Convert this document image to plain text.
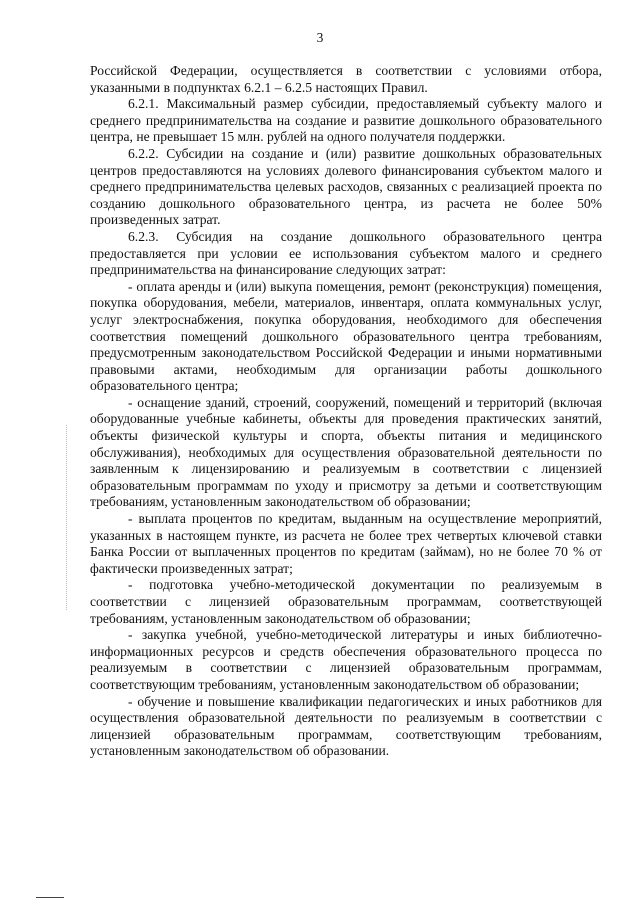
3

Российской Федерации, осуществляется в соответствии с условиями отбора, указанными в подпунктах 6.2.1 – 6.2.5 настоящих Правил.

6.2.1. Максимальный размер субсидии, предоставляемый субъекту малого и среднего предпринимательства на создание и развитие дошкольного образовательного центра, не превышает 15 млн. рублей на одного получателя поддержки.

6.2.2. Субсидии на создание и (или) развитие дошкольных образовательных центров предоставляются на условиях долевого финансирования субъектом малого и среднего предпринимательства целевых расходов, связанных с реализацией проекта по созданию дошкольного образовательного центра, из расчета не более 50% произведенных затрат.

6.2.3. Субсидия на создание дошкольного образовательного центра предоставляется при условии ее использования субъектом малого и среднего предпринимательства на финансирование следующих затрат:

- оплата аренды и (или) выкупа помещения, ремонт (реконструкция) помещения, покупка оборудования, мебели, материалов, инвентаря, оплата коммунальных услуг, услуг электроснабжения, покупка оборудования, необходимого для обеспечения соответствия помещений дошкольного образовательного центра требованиям, предусмотренным законодательством Российской Федерации и иными нормативными правовыми актами, необходимым для организации работы дошкольного образовательного центра;

- оснащение зданий, строений, сооружений, помещений и территорий (включая оборудованные учебные кабинеты, объекты для проведения практических занятий, объекты физической культуры и спорта, объекты питания и медицинского обслуживания), необходимых для осуществления образовательной деятельности по заявленным к лицензированию и реализуемым в соответствии с лицензией образовательным программам по уходу и присмотру за детьми и соответствующим требованиям, установленным законодательством об образовании;

- выплата процентов по кредитам, выданным на осуществление мероприятий, указанных в настоящем пункте, из расчета не более трех четвертых ключевой ставки Банка России от выплаченных процентов по кредитам (займам), но не более 70 % от фактически произведенных затрат;

- подготовка учебно-методической документации по реализуемым в соответствии с лицензией образовательным программам, соответствующей требованиям, установленным законодательством об образовании;

- закупка учебной, учебно-методической литературы и иных библиотечно-информационных ресурсов и средств обеспечения образовательного процесса по реализуемым в соответствии с лицензией образовательным программам, соответствующим требованиям, установленным законодательством об образовании;

- обучение и повышение квалификации педагогических и иных работников для осуществления образовательной деятельности по реализуемым в соответствии с лицензией образовательным программам, соответствующим требованиям, установленным законодательством об образовании.
